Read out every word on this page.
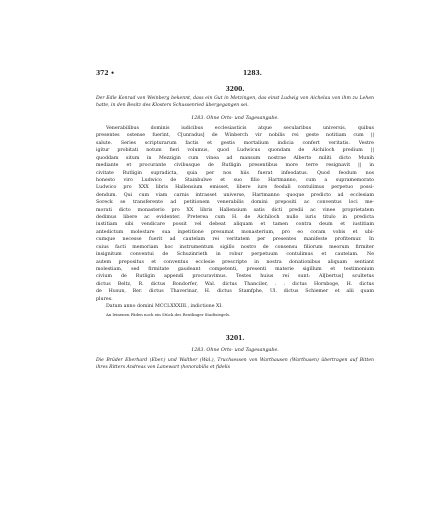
372 •	1283.
3200.
Der Edle Konrad von Weinberg bekennt, dass ein Gut in Metzingen, das einst Ludwig von Aichelau von ihm zu Lehen hatte, in den Besitz des Klosters Schussenried übergegangen sei.
1283. Ohne Orts- und Tagesangabe.
Venerabilibus dominis iudicibus ecclesiasticis atque secularibus universis, quibus
presentes ostense fuerint, C[unradus] de Winberch vir nobilis rei geste notitiam cum ||
salute. Series scripturarum factis et gestis mortalium indicia confert veritatis. Vestre
igitur probitati notum fieri volumus, quod Ludwicus quondam de Aichiloch predium ||
quoddam situm in Mezzigin cum vinea ad mansum nostrae Alberto militi dicto Munih
mediante et procurante civibusque de Rutligin presentibus more terre resignavit || in
civitate Rutligin supradicta, quia per nos hiis fuerat infeodatus. Quod feodum nos
honesto viro Ludwico de Stainbulwe et suo filio Hartmanno, cum a supramemorato
Ludwico pro XXX libris Hallensium emisset, libere iure feodali contulimus perpetuo possi-
dendum. Qui cum viam carnis intrasset universe, Hartmanno quoque predicto ad ecclesiam
Soreck se transferente ad petitionem venerabilis domini prepositi ac conventus loci me-
morati dicto monasterio pro XX libris Hallensium satis dicti predii ac vinee proprietatem
dedimus libere ac evidenter. Preterea cum H. de Aichiloch nullo iuris titulo in predicta
iustitiam sibi vendicare possit vel debeat aliquam et tamen contra deum et iustitiam
antedictum molestare sua inpetitione presumat monasterium, pro eo coram vobis et ubi-
cumque necesse fuerit ad cautelam rei veritatem per presentes manifeste profitemur. In
cuius facti memoriam hoc instrumentum sigillo nostro de consensu filiorum meorum firmiter
insignitum conventui de Schuzinrieth in robur perpetuum contulimus et cautelam. Ne
autem prepositus et conventus ecclesie prescripte in nostra donationibus aliquam sentiant
molestiam, sed firmitate gaudeant competenti, presenti materie sigillum et testimonium
civium de Rutligin appendi procuravimus. Testes huius rei sunt: Al[bertus] scultetus
dictus Beltz, R. dictus Bondorfer, Wal. dictus Thanciler, . . dictus Hornboge, H. dictus
de Husun, Ber. dictus Thaverinar, H. dictus Stamfphe, Ul. dictus Schiemer et alii quam
plures.
Datum anno domini MCCLXXXIII., indictione XI.
An leinenen Fäden noch ein Stück des Reutlinger Stadtsiegels.
3201.
1283. Ohne Orts- und Tagesangabe.
Die Brüder Eberhard (Eber.) und Walther (Wal.), Truchsessen von Warthausen (Warthusen) übertragen auf Bitten ihres Ritters Andreas von Lanewart (honorabilis et fidelis
